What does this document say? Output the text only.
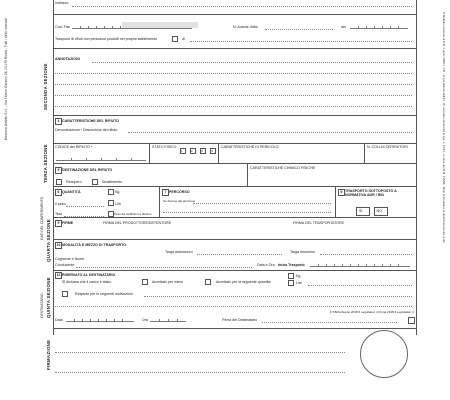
Edizione Ambito S.r.l. - Via Tiberio Garzoni 24, 00179 Roma - Tutti i diritti riservati	SECONDA SEZIONE
TERZA SEZIONE
DATI DEL CONFERIMENTO
QUARTA SEZIONE
DESTINATARIO QUINTA SEZIONE
FIRMAZIONE
® Modello conforme al D.M. 1 aprile 1998 n. 145 - di tipo definito dall'art. 15, secondo comma del D.Lgs. n. 22/97 - ai sensi del D.M. 145/98 - Mod. di formulario di identificazione del rifiuto
Indirizzo
Cod. Fisc.	N. Autoriz./Albo	del
Trasporto di rifiuti non pericolosi prodotti nel proprio stabilimento	di
ANNOTAZIONI
4 CARATTERISTICHE DEL RIFIUTO
Denominazione / Descrizione del rifiuto
CODICE del RIFIUTO *	STATO FISICO
1	2	3	4
CARATTERISTICHE DI PERICOLO	N. COLLI/CONTENITORI
CARATTERISTICHE CHIMICO FISICHE
5 DESTINAZIONE DEL RIFIUTO
Recupero	Smaltimento
6 QUANTITÀ	Kg.
Il peso	Litri
Tara	Peso da verificarsi a destino
7 PERCORSO
Se diverso dal più breve
8 TRASPORTO SOTTOPOSTO A NORMATIVA ADR / RID
SI	NO
9 FIRME	FIRMA DEL PRODUTTORE/DETENTORE	FIRMA DEL TRASPORTATORE
10 MODALITÀ E MEZZO DI TRASPORTO
Targa automezzo	Targa rimorchio
Cognome e Nome
Conducente	Data e Ora Inizio Trasporto
11 RISERVATO AL DESTINATARIO
Si dichiara che il carico è stato:	Accettato per intero	Accettato per la seguente quantità
Kg.
Litri
Respinto per le seguenti motivazioni
Data	Ora	Firma del Destinatario
F.T.B/Ambiente 2018 5 Legislativo 4 Firma 2018 4 Legislativo 4
